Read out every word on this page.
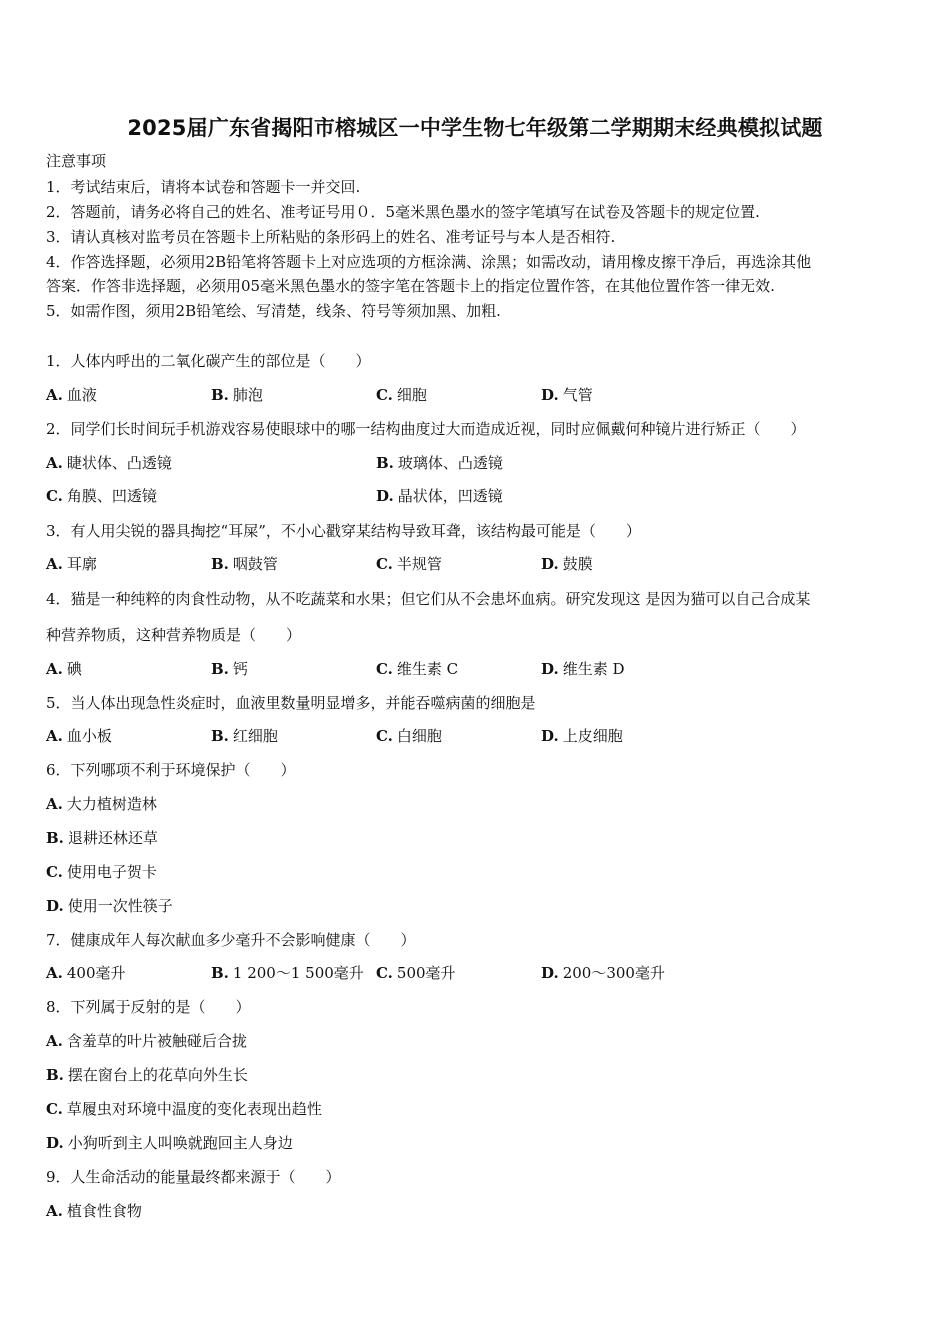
2025届广东省揭阳市榕城区一中学生物七年级第二学期期末经典模拟试题
注意事项
1．考试结束后，请将本试卷和答题卡一并交回.
2．答题前，请务必将自己的姓名、准考证号用０．5毫米黑色墨水的签字笔填写在试卷及答题卡的规定位置.
3．请认真核对监考员在答题卡上所粘贴的条形码上的姓名、准考证号与本人是否相符.
4．作答选择题，必须用2B铅笔将答题卡上对应选项的方框涂满、涂黑；如需改动，请用橡皮擦干净后，再选涂其他
答案．作答非选择题，必须用05毫米黑色墨水的签字笔在答题卡上的指定位置作答，在其他位置作答一律无效.
5．如需作图，须用2B铅笔绘、写清楚，线条、符号等须加黑、加粗.
1．人体内呼出的二氧化碳产生的部位是（　　）
A. 血液	B. 肺泡	C. 细胞	D. 气管
2．同学们长时间玩手机游戏容易使眼球中的哪一结构曲度过大而造成近视，同时应佩戴何种镜片进行矫正（　　）
A. 睫状体、凸透镜	B. 玻璃体、凸透镜
C. 角膜、凹透镜	D. 晶状体，凹透镜
3．有人用尖锐的器具掏挖“耳屎”，不小心戳穿某结构导致耳聋，该结构最可能是（　　）
A. 耳廓	B. 咽鼓管	C. 半规管	D. 鼓膜
4．猫是一种纯粹的肉食性动物，从不吃蔬菜和水果；但它们从不会患坏血病。研究发现这 是因为猫可以自己合成某
种营养物质，这种营养物质是（　　）
A. 碘	B. 钙	C. 维生素 C	D. 维生素 D
5．当人体出现急性炎症时，血液里数量明显增多，并能吞噬病菌的细胞是
A. 血小板	B. 红细胞	C. 白细胞	D. 上皮细胞
6．下列哪项不利于环境保护（　　）
A. 大力植树造林
B. 退耕还林还草
C. 使用电子贺卡
D. 使用一次性筷子
7．健康成年人每次献血多少毫升不会影响健康（　　）
A. 400毫升	B. 1 200～1 500毫升 C. 500毫升	D. 200～300毫升
8．下列属于反射的是（　　）
A. 含羞草的叶片被触碰后合拢
B. 摆在窗台上的花草向外生长
C. 草履虫对环境中温度的变化表现出趋性
D. 小狗听到主人叫唤就跑回主人身边
9．人生命活动的能量最终都来源于（　　）
A. 植食性食物
